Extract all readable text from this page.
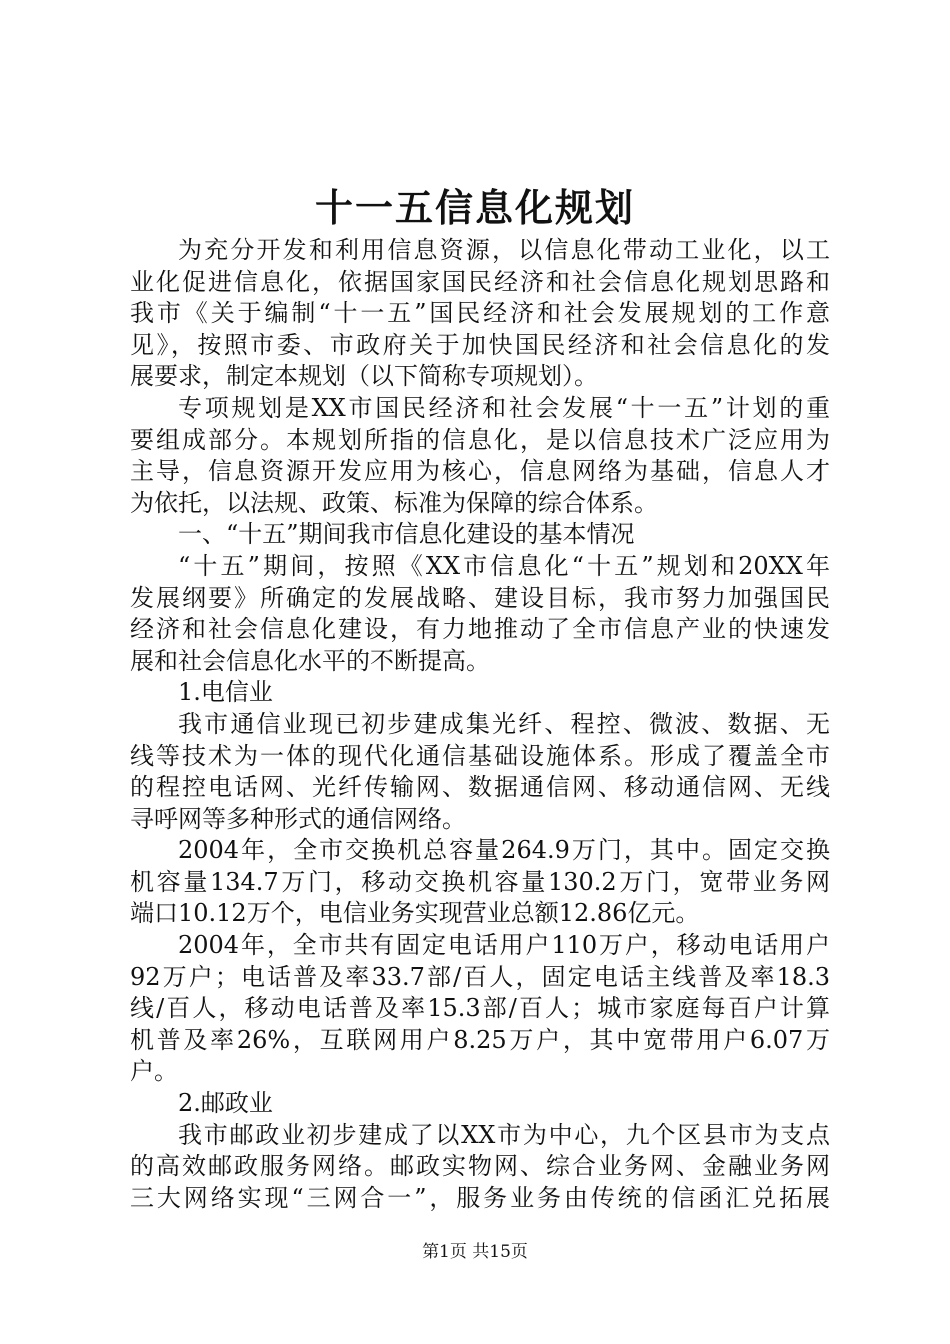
十一五信息化规划
为充分开发和利用信息资源，以信息化带动工业化，以工
业化促进信息化，依据国家国民经济和社会信息化规划思路和
我市《关于编制“十一五”国民经济和社会发展规划的工作意
见》，按照市委、市政府关于加快国民经济和社会信息化的发
展要求，制定本规划（以下简称专项规划）。
专项规划是XX市国民经济和社会发展“十一五”计划的重
要组成部分。本规划所指的信息化，是以信息技术广泛应用为
主导，信息资源开发应用为核心，信息网络为基础，信息人才
为依托，以法规、政策、标准为保障的综合体系。
一、“十五”期间我市信息化建设的基本情况
“十五”期间，按照《XX市信息化“十五”规划和20XX年
发展纲要》所确定的发展战略、建设目标，我市努力加强国民
经济和社会信息化建设，有力地推动了全市信息产业的快速发
展和社会信息化水平的不断提高。
1.电信业
我市通信业现已初步建成集光纤、程控、微波、数据、无
线等技术为一体的现代化通信基础设施体系。形成了覆盖全市
的程控电话网、光纤传输网、数据通信网、移动通信网、无线
寻呼网等多种形式的通信网络。
2004年，全市交换机总容量264.9万门，其中。固定交换
机容量134.7万门，移动交换机容量130.2万门，宽带业务网
端口10.12万个，电信业务实现营业总额12.86亿元。
2004年，全市共有固定电话用户110万户，移动电话用户
92万户；电话普及率33.7部/百人，固定电话主线普及率18.3
线/百人，移动电话普及率15.3部/百人；城市家庭每百户计算
机普及率26%，互联网用户8.25万户，其中宽带用户6.07万
户。
2.邮政业
我市邮政业初步建成了以XX市为中心，九个区县市为支点
的高效邮政服务网络。邮政实物网、综合业务网、金融业务网
三大网络实现“三网合一”，服务业务由传统的信函汇兑拓展
第1页 共15页
